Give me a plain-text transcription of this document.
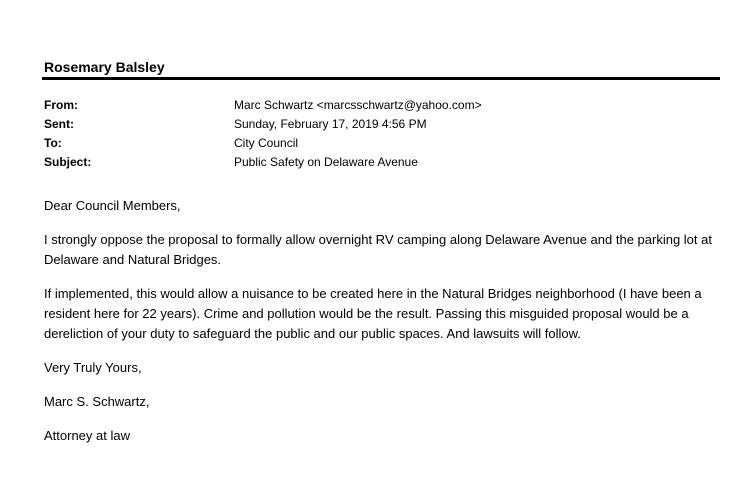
Rosemary Balsley
From:	Marc Schwartz <marcsschwartz@yahoo.com>
Sent:	Sunday, February 17, 2019 4:56 PM
To:	City Council
Subject:	Public Safety on Delaware Avenue

Dear Council Members,

I strongly oppose the proposal to formally allow overnight RV camping along Delaware Avenue and the parking lot at Delaware and Natural Bridges.

If implemented, this would allow a nuisance to be created here in the Natural Bridges neighborhood (I have been a resident here for 22 years). Crime and pollution would be the result. Passing this misguided proposal would be a dereliction of your duty to safeguard the public and our public spaces. And lawsuits will follow.

Very Truly Yours,

Marc S. Schwartz,

Attorney at law
